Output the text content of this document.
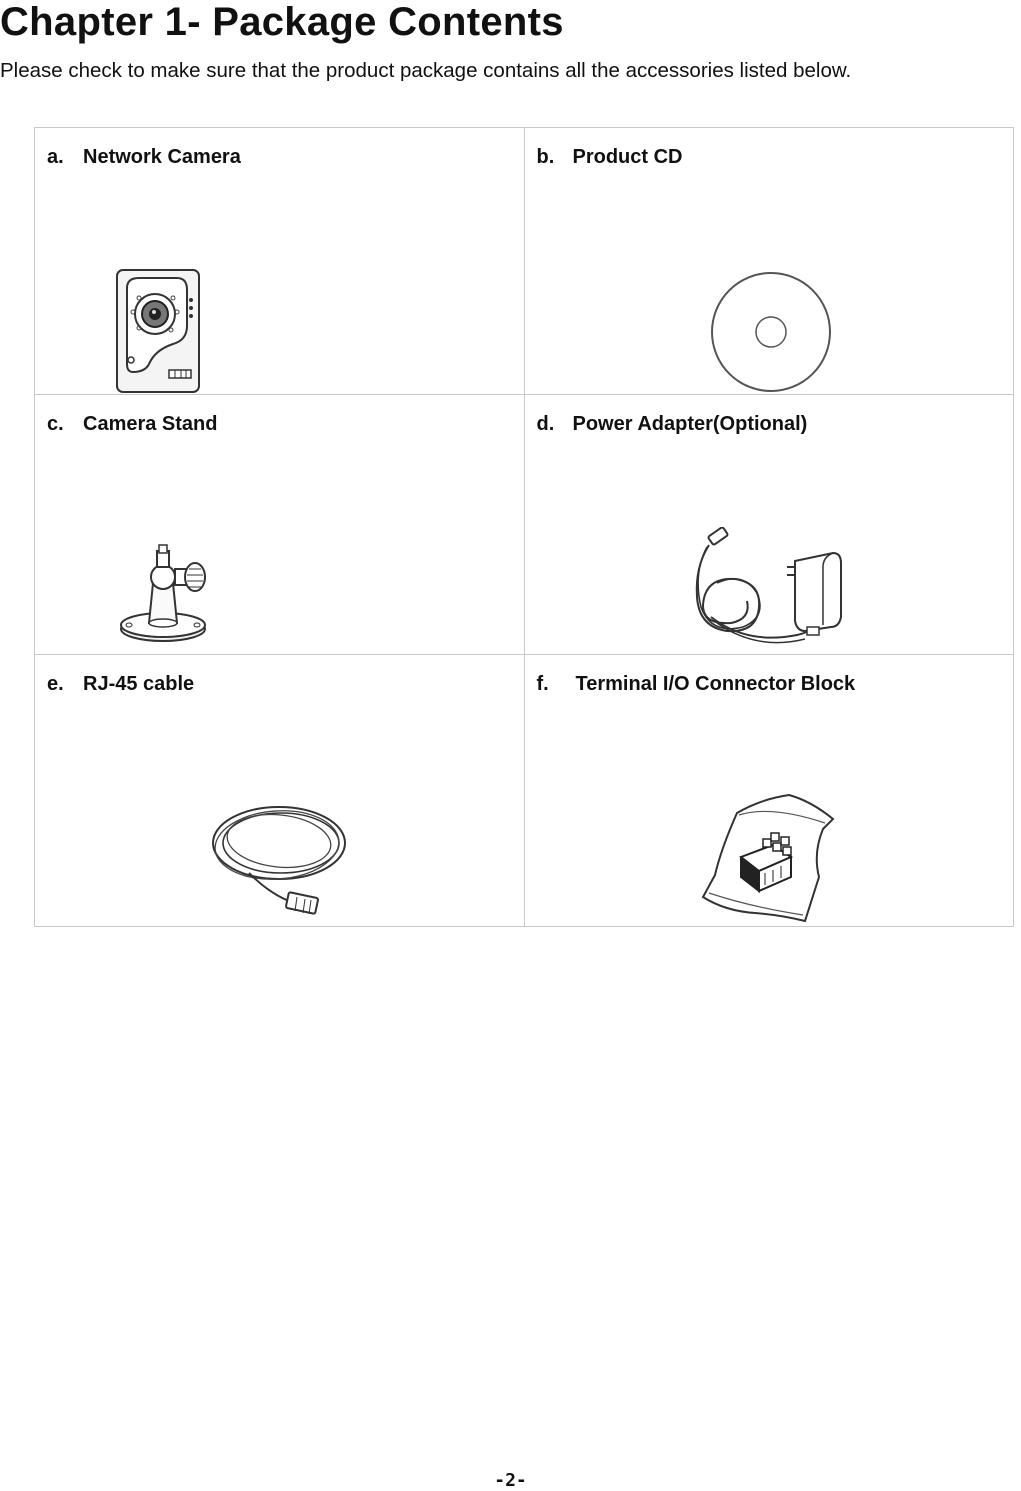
Chapter 1- Package Contents
Please check to make sure that the product package contains all the accessories listed below.
a. Network Camera	b. Product CD

c. Camera Stand	d. Power Adapter(Optional)

e. RJ-45 cable	f. Terminal I/O Connector Block
-2-
